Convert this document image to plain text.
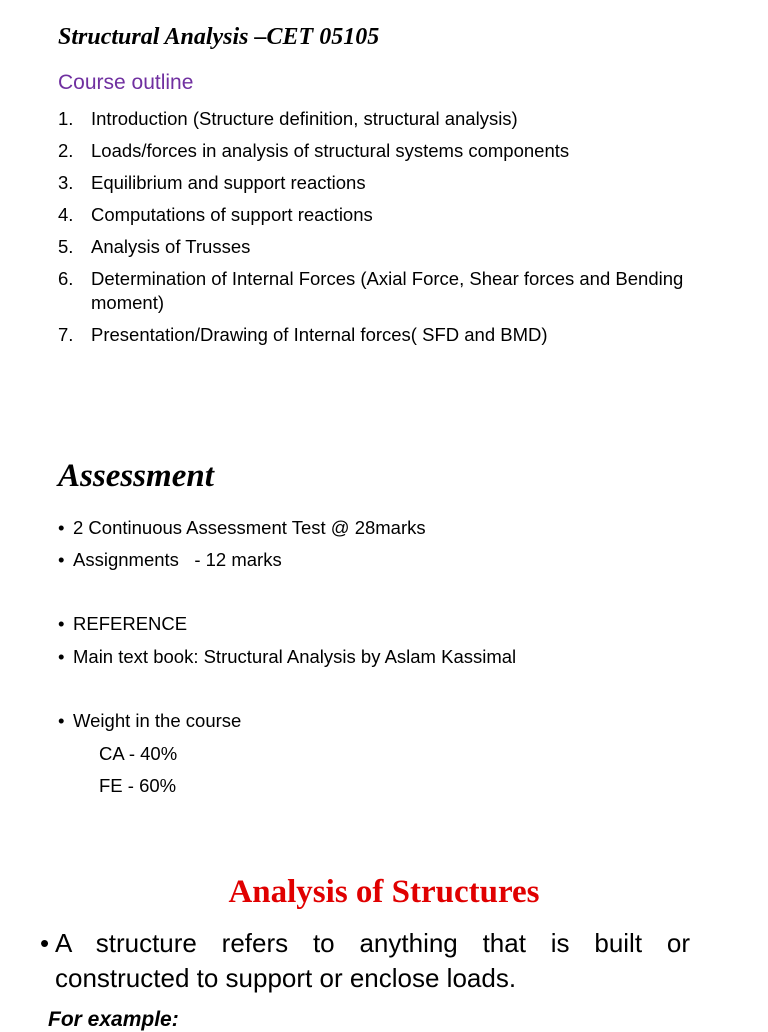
Structural Analysis –CET 05105
Course outline
1. Introduction (Structure definition, structural analysis)
2. Loads/forces in analysis of structural systems components
3. Equilibrium and support reactions
4. Computations of support reactions
5. Analysis of Trusses
6. Determination of Internal Forces (Axial Force, Shear forces and Bending moment)
7. Presentation/Drawing of Internal forces( SFD and BMD)
Assessment
• 2 Continuous Assessment Test @ 28marks
• Assignments   - 12 marks
• REFERENCE
• Main text book: Structural Analysis by Aslam Kassimal
• Weight in the course
CA - 40%
FE - 60%
Analysis of Structures
• A structure refers to anything that is built or constructed to support or enclose loads.
For example:
